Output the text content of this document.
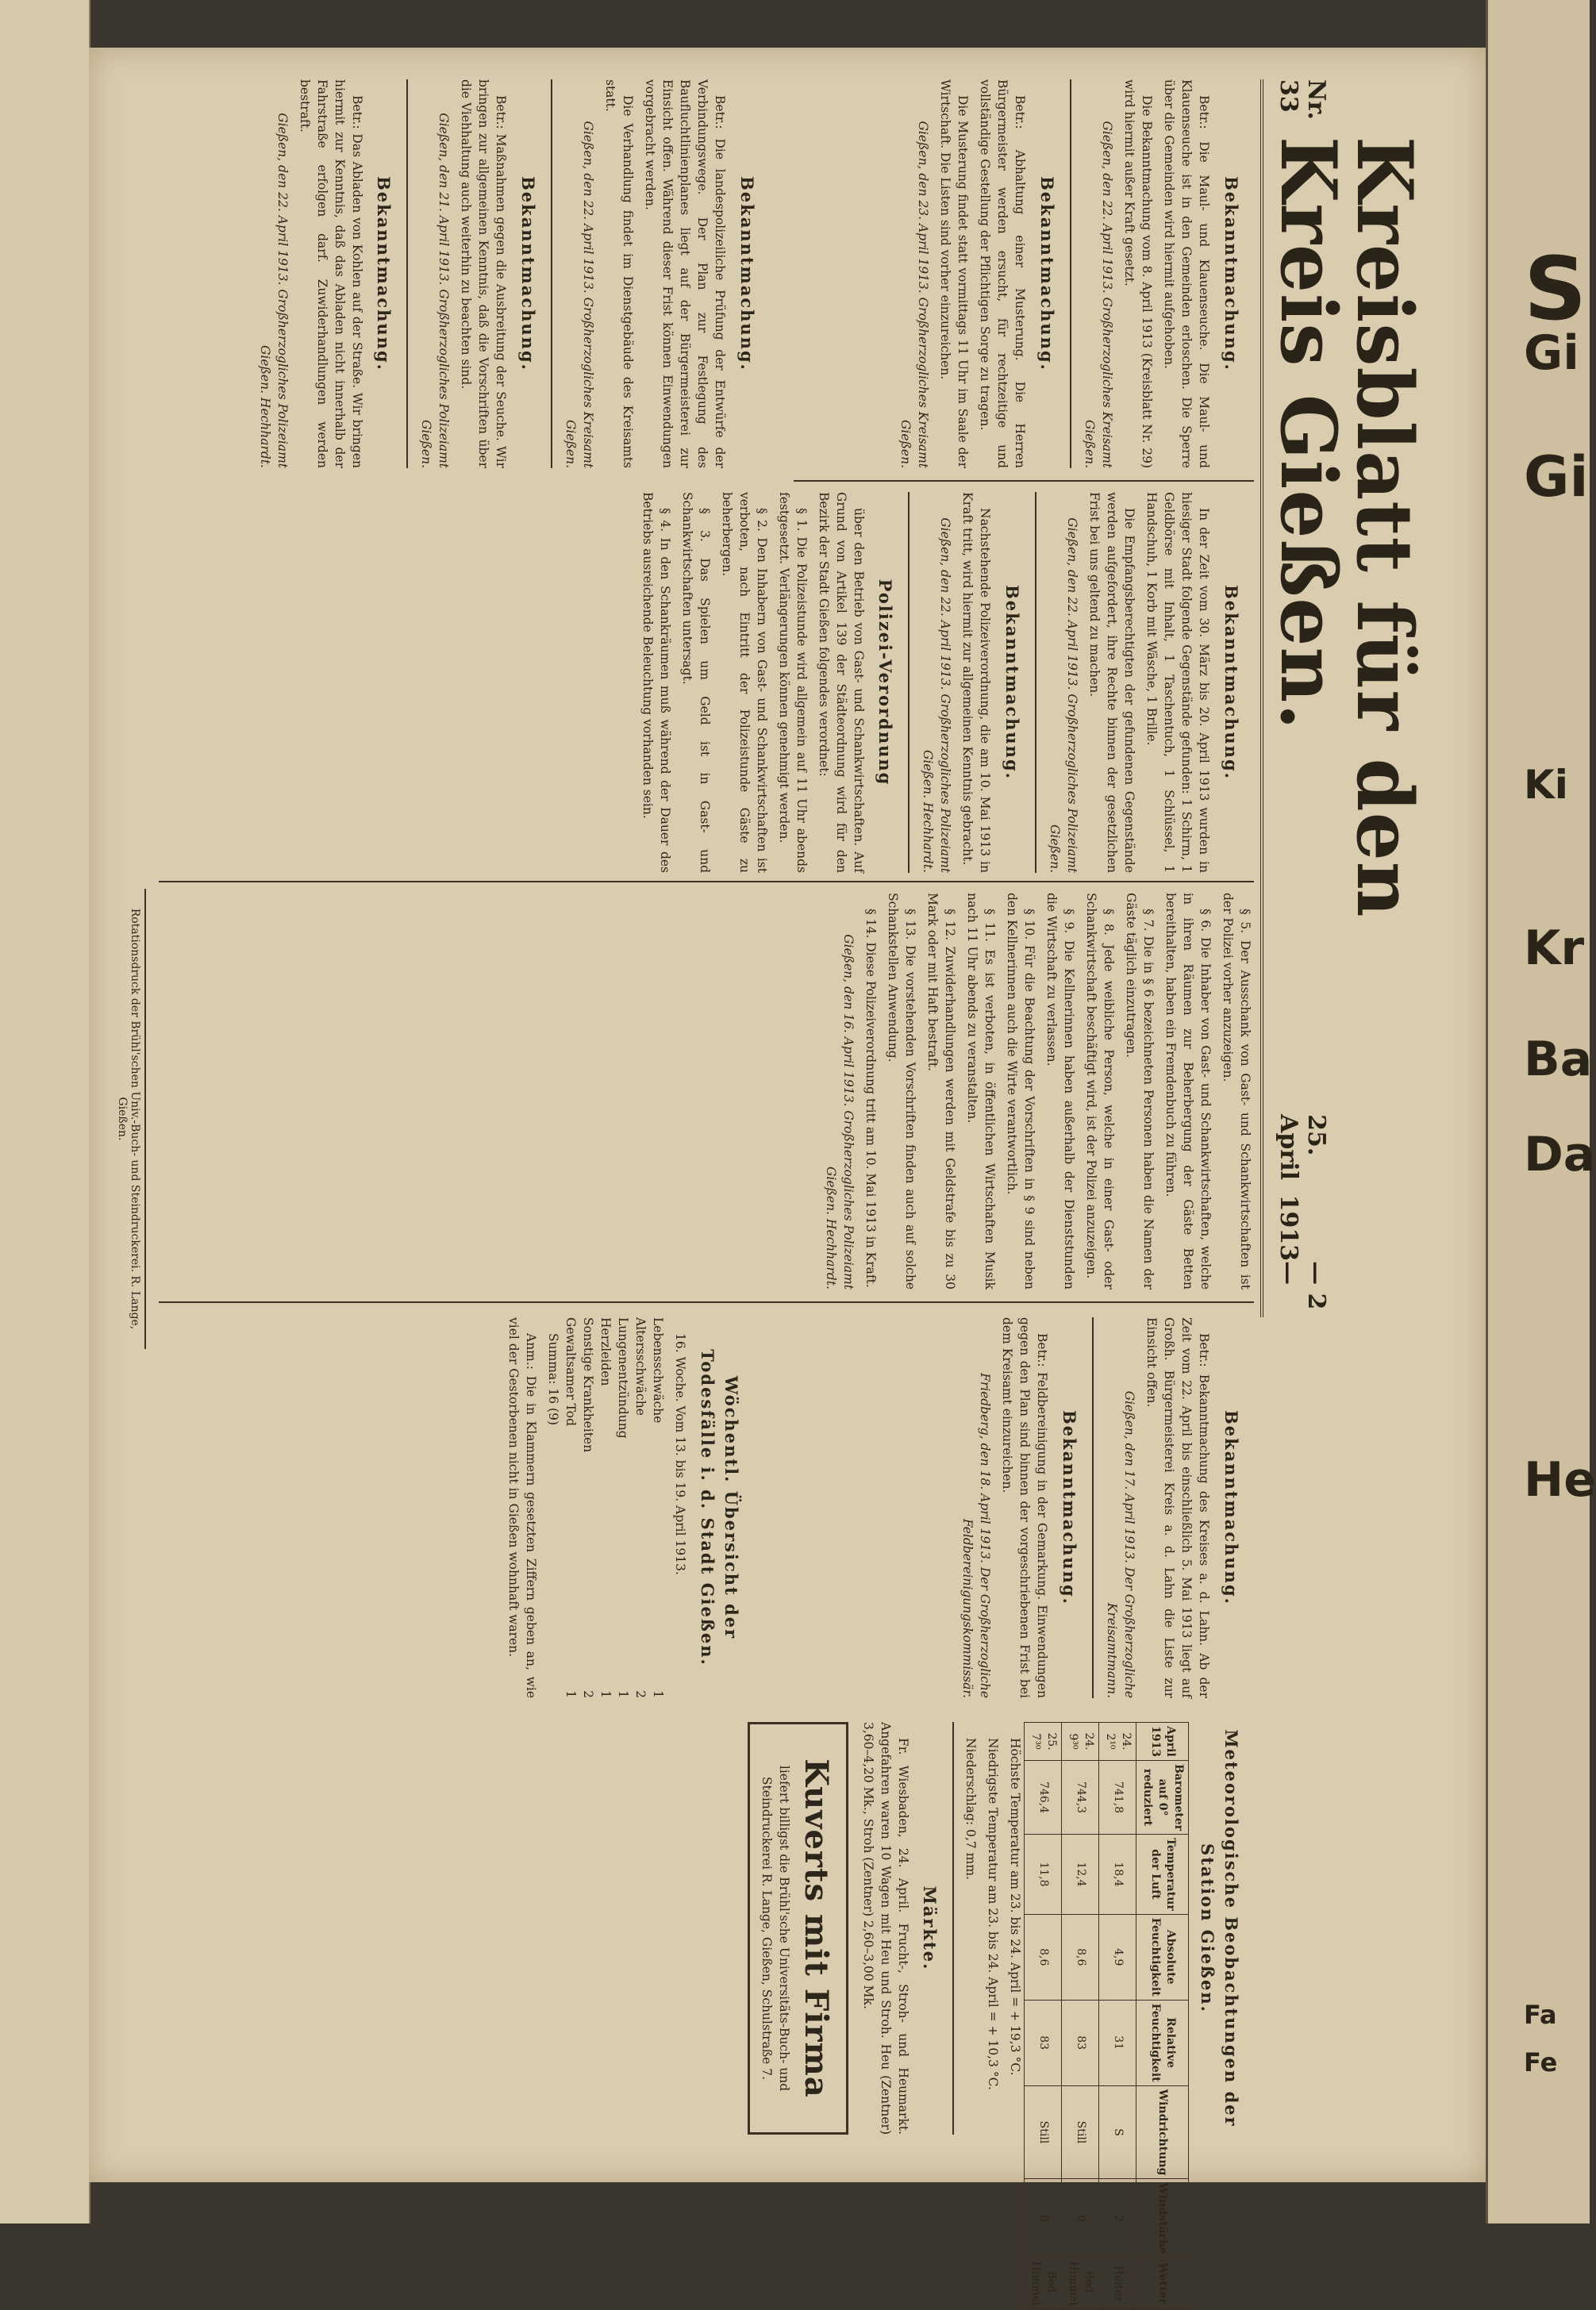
Nr. 33
Kreisblatt für den Kreis Gießen.
25. April
1913
— 2 —
Bekanntmachung.

Betr.: Die Maul- und Klauenseuche. Die Maul- und Klauenseuche ist in den Gemeinden erloschen. Die Sperre über die Gemeinden wird hiermit aufgehoben.

Die Bekanntmachung vom 8. April 1913 (Kreisblatt Nr. 29) wird hiermit außer Kraft gesetzt.

Gießen, den 22. April 1913. Großherzogliches Kreisamt Gießen.
Bekanntmachung.

Betr.: Abhaltung einer Musterung. Die Herren Bürgermeister werden ersucht, für rechtzeitige und vollständige Gestellung der Pflichtigen Sorge zu tragen.

Die Musterung findet statt vormittags 11 Uhr im Saale der Wirtschaft. Die Listen sind vorher einzureichen.

Gießen, den 23. April 1913. Großherzogliches Kreisamt Gießen.
Bekanntmachung.

In der Zeit vom 30. März bis 20. April 1913 wurden in hiesiger Stadt folgende Gegenstände gefunden: 1 Schirm, 1 Geldbörse mit Inhalt, 1 Taschentuch, 1 Schlüssel, 1 Handschuh, 1 Korb mit Wäsche, 1 Brille.

Die Empfangsberechtigten der gefundenen Gegenstände werden aufgefordert, ihre Rechte binnen der gesetzlichen Frist bei uns geltend zu machen.

Gießen, den 22. April 1913. Großherzogliches Polizeiamt Gießen.
Bekanntmachung.

Nachstehende Polizeiverordnung, die am 10. Mai 1913 in Kraft tritt, wird hiermit zur allgemeinen Kenntnis gebracht.

Gießen, den 22. April 1913. Großherzogliches Polizeiamt Gießen. Hechhardt.
Polizei-Verordnung

über den Betrieb von Gast- und Schankwirtschaften. Auf Grund von Artikel 139 der Städteordnung wird für den Bezirk der Stadt Gießen folgendes verordnet:

§ 1. Die Polizeistunde wird allgemein auf 11 Uhr abends festgesetzt. Verlängerungen können genehmigt werden.

§ 2. Den Inhabern von Gast- und Schankwirtschaften ist verboten, nach Eintritt der Polizeistunde Gäste zu beherbergen.

§ 3. Das Spielen um Geld ist in Gast- und Schankwirtschaften untersagt.

§ 4. In den Schankräumen muß während der Dauer des Betriebs ausreichende Beleuchtung vorhanden sein.

§ 5. Der Ausschank von Gast- und Schankwirtschaften ist der Polizei vorher anzuzeigen.

§ 6. Die Inhaber von Gast- und Schankwirtschaften, welche in ihren Räumen zur Beherbergung der Gäste Betten bereithalten, haben ein Fremdenbuch zu führen.

§ 7. Die in § 6 bezeichneten Personen haben die Namen der Gäste täglich einzutragen.

§ 8. Jede weibliche Person, welche in einer Gast- oder Schankwirtschaft beschäftigt wird, ist der Polizei anzuzeigen.

§ 9. Die Kellnerinnen haben außerhalb der Dienststunden die Wirtschaft zu verlassen.

§ 10. Für die Beachtung der Vorschriften in § 9 sind neben den Kellnerinnen auch die Wirte verantwortlich.

§ 11. Es ist verboten, in öffentlichen Wirtschaften Musik nach 11 Uhr abends zu veranstalten.

§ 12. Zuwiderhandlungen werden mit Geldstrafe bis zu 30 Mark oder mit Haft bestraft.

§ 13. Die vorstehenden Vorschriften finden auch auf solche Schankstellen Anwendung.

§ 14. Diese Polizeiverordnung tritt am 10. Mai 1913 in Kraft.

Gießen, den 16. April 1913. Großherzogliches Polizeiamt Gießen. Hechhardt.
Bekanntmachung.

Betr.: Bekanntmachung des Kreises a. d. Lahn. Ab der Zeit vom 22. April bis einschließlich 5. Mai 1913 liegt auf Großh. Bürgermeisterei Kreis a. d. Lahn die Liste zur Einsicht offen.

Gießen, den 17. April 1913. Der Großherzogliche Kreisamtmann.
Bekanntmachung.

Betr.: Feldbereinigung in der Gemarkung. Einwendungen gegen den Plan sind binnen der vorgeschriebenen Frist bei dem Kreisamt einzureichen.

Friedberg, den 18. April 1913. Der Großherzogliche Feldbereinigungskommissär.
Bekanntmachung.

Betr.: Die landespolizeiliche Prüfung der Entwürfe der Verbindungswege. Der Plan zur Festlegung des Baufluchtlinienplanes liegt auf der Bürgermeisterei zur Einsicht offen. Während dieser Frist können Einwendungen vorgebracht werden.

Die Verhandlung findet im Dienstgebäude des Kreisamts statt.

Gießen, den 22. April 1913. Großherzogliches Kreisamt Gießen.
Bekanntmachung.

Betr.: Maßnahmen gegen die Ausbreitung der Seuche. Wir bringen zur allgemeinen Kenntnis, daß die Vorschriften über die Viehhaltung auch weiterhin zu beachten sind.

Gießen, den 21. April 1913. Großherzogliches Polizeiamt Gießen.
Bekanntmachung.

Betr.: Das Abladen von Kohlen auf der Straße. Wir bringen hiermit zur Kenntnis, daß das Abladen nicht innerhalb der Fahrstraße erfolgen darf. Zuwiderhandlungen werden bestraft.

Gießen, den 22. April 1913. Großherzogliches Polizeiamt Gießen. Hechhardt.
Wöchentl. Übersicht der Todesfälle i. d. Stadt Gießen.

16. Woche. Vom 13. bis 19. April 1913.

Lebensschwäche
1
Altersschwäche
2
Lungenentzündung
1
Herzleiden
1
Sonstige Krankheiten
2
Gewaltsamer Tod
1

Summa: 16 (9)

Anm.: Die in Klammern gesetzten Ziffern geben an, wie viel der Gestorbenen nicht in Gießen wohnhaft waren.

Meteorologische Beobachtungen der Station Gießen.
April 1913	Barometer auf 0° reduziert	Temperatur der Luft	Absolute Feuchtigkeit	Relative Feuchtigkeit	Windrichtung	Windstärke	Wetter
24. 2¹⁰	741,8	18,4	4,9	31	S	2	Heiter
24. 9³⁰	744,3	12,4	8,6	83	Still	0	Bed. Himmel
25. 7³⁰	746,4	11,8	8,6	83	Still	0	Bed. Himmel

Höchste Temperatur am 23. bis 24. April = + 19,3 °C.

Niedrigste Temperatur am 23. bis 24. April = + 10,3 °C.

Niederschlag: 0,7 mm.

Märkte.

Fr. Wiesbaden, 24. April. Frucht-, Stroh- und Heumarkt. Angefahren waren 10 Wagen mit Heu und Stroh. Heu (Zentner) 3,60–4,20 Mk., Stroh (Zentner) 2,60–3,00 Mk.

Kuverts mit Firma
liefert billigst die Brühl'sche Universitäts-Buch- und Steindruckerei R. Lange, Gießen, Schulstraße 7.
Rotationsdruck der Brühl'schen Univ.-Buch- und Steindruckerei. R. Lange, Gießen.
S
Gi
Gi
Ki
Kr
Ba
Da
He
Fa
Fe
